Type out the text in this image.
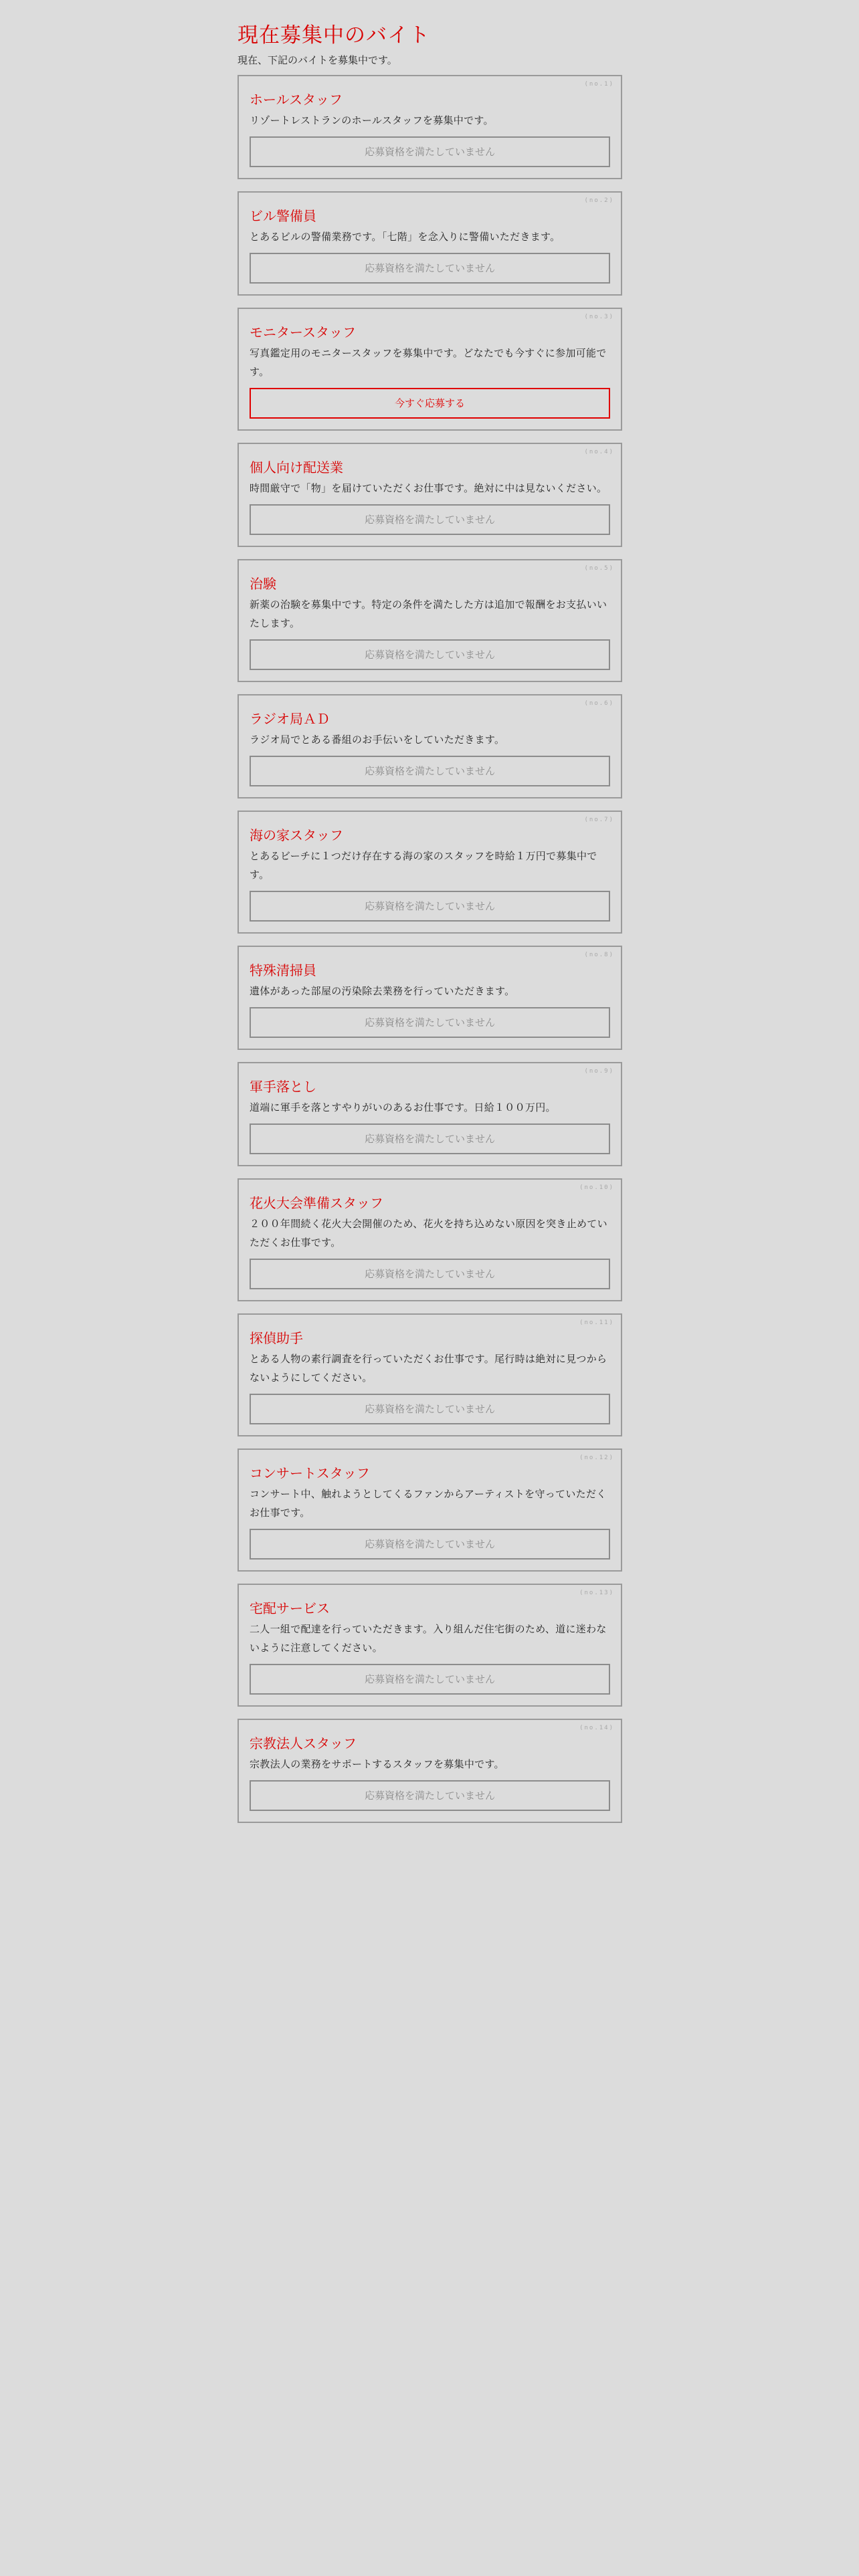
現在募集中のバイト

現在、下記のバイトを募集中です。

(no.1)
ホールスタッフ

リゾートレストランのホールスタッフを募集中です。

応募資格を満たしていません
(no.2)
ビル警備員

とあるビルの警備業務です。「七階」を念入りに警備いただきます。

応募資格を満たしていません
(no.3)
モニタースタッフ

写真鑑定用のモニタースタッフを募集中です。どなたでも今すぐに参加可能です。

今すぐ応募する
(no.4)
個人向け配送業

時間厳守で「物」を届けていただくお仕事です。絶対に中は見ないください。

応募資格を満たしていません
(no.5)
治験

新薬の治験を募集中です。特定の条件を満たした方は追加で報酬をお支払いいたします。

応募資格を満たしていません
(no.6)
ラジオ局ＡＤ

ラジオ局でとある番組のお手伝いをしていただきます。

応募資格を満たしていません
(no.7)
海の家スタッフ

とあるビーチに１つだけ存在する海の家のスタッフを時給１万円で募集中です。

応募資格を満たしていません
(no.8)
特殊清掃員

遺体があった部屋の汚染除去業務を行っていただきます。

応募資格を満たしていません
(no.9)
軍手落とし

道端に軍手を落とすやりがいのあるお仕事です。日給１００万円。

応募資格を満たしていません
(no.10)
花火大会準備スタッフ

２００年間続く花火大会開催のため、花火を持ち込めない原因を突き止めていただくお仕事です。

応募資格を満たしていません
(no.11)
探偵助手

とある人物の素行調査を行っていただくお仕事です。尾行時は絶対に見つからないようにしてください。

応募資格を満たしていません
(no.12)
コンサートスタッフ

コンサート中、触れようとしてくるファンからアーティストを守っていただくお仕事です。

応募資格を満たしていません
(no.13)
宅配サービス

二人一組で配達を行っていただきます。入り組んだ住宅街のため、道に迷わないように注意してください。

応募資格を満たしていません
(no.14)
宗教法人スタッフ

宗教法人の業務をサポートするスタッフを募集中です。

応募資格を満たしていません
